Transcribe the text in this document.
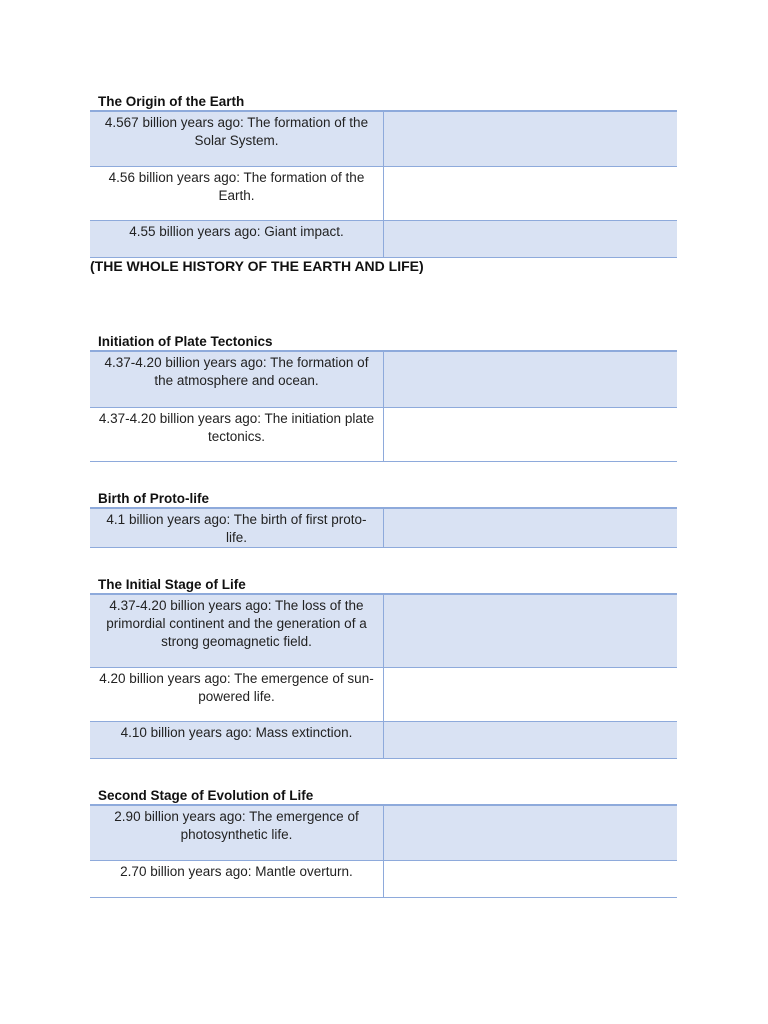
The Origin of the Earth
4.567 billion years ago: The formation of the Solar System.	
4.56 billion years ago: The formation of the Earth.	
4.55 billion years ago: Giant impact.	
(THE WHOLE HISTORY OF THE EARTH AND LIFE)
Initiation of Plate Tectonics
4.37-4.20 billion years ago: The formation of the atmosphere and ocean.	
4.37-4.20 billion years ago: The initiation plate tectonics.	
Birth of Proto-life
4.1 billion years ago: The birth of first proto-life.	
The Initial Stage of Life
4.37-4.20 billion years ago: The loss of the primordial continent and the generation of a strong geomagnetic field.	
4.20 billion years ago: The emergence of sun-powered life.	
4.10 billion years ago: Mass extinction.	
Second Stage of Evolution of Life
2.90 billion years ago: The emergence of photosynthetic life.	
2.70 billion years ago: Mantle overturn.	
